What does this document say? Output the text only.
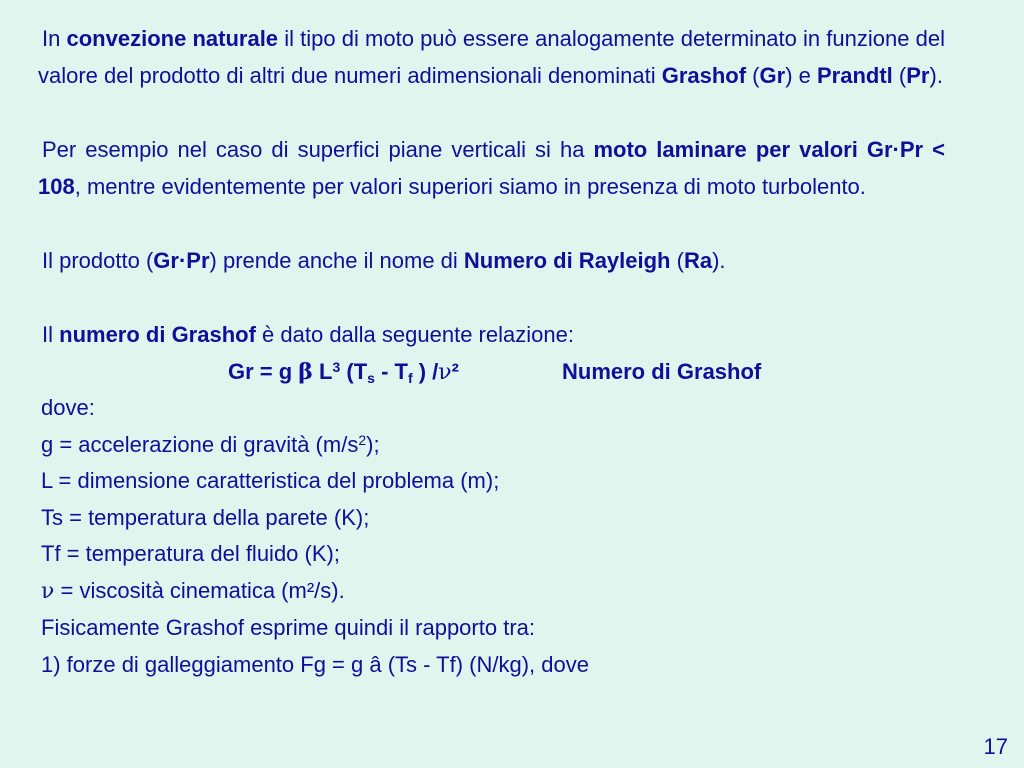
In convezione naturale il tipo di moto può essere analogamente determinato in funzione del valore del prodotto di altri due numeri adimensionali denominati Grashof (Gr) e Prandtl (Pr).

Per esempio nel caso di superfici piane verticali si ha moto laminare per valori Gr·Pr < 108, mentre evidentemente per valori superiori siamo in presenza di moto turbolento.

Il prodotto (Gr·Pr) prende anche il nome di Numero di Rayleigh (Ra).

Il numero di Grashof è dato dalla seguente relazione:

Gr = g β $L^3$ ($T_s - T_f$ ) /ν²	Numero di Grashof
dove:
g = accelerazione di gravità $(m/s^2)$;
L = dimensione caratteristica del problema (m);
Ts = temperatura della parete (K);
Tf = temperatura del fluido (K);
ν = viscosità cinematica (m²/s).
Fisicamente Grashof esprime quindi il rapporto tra:
1) forze di galleggiamento Fg = g â (Ts - Tf) (N/kg), dove
17
